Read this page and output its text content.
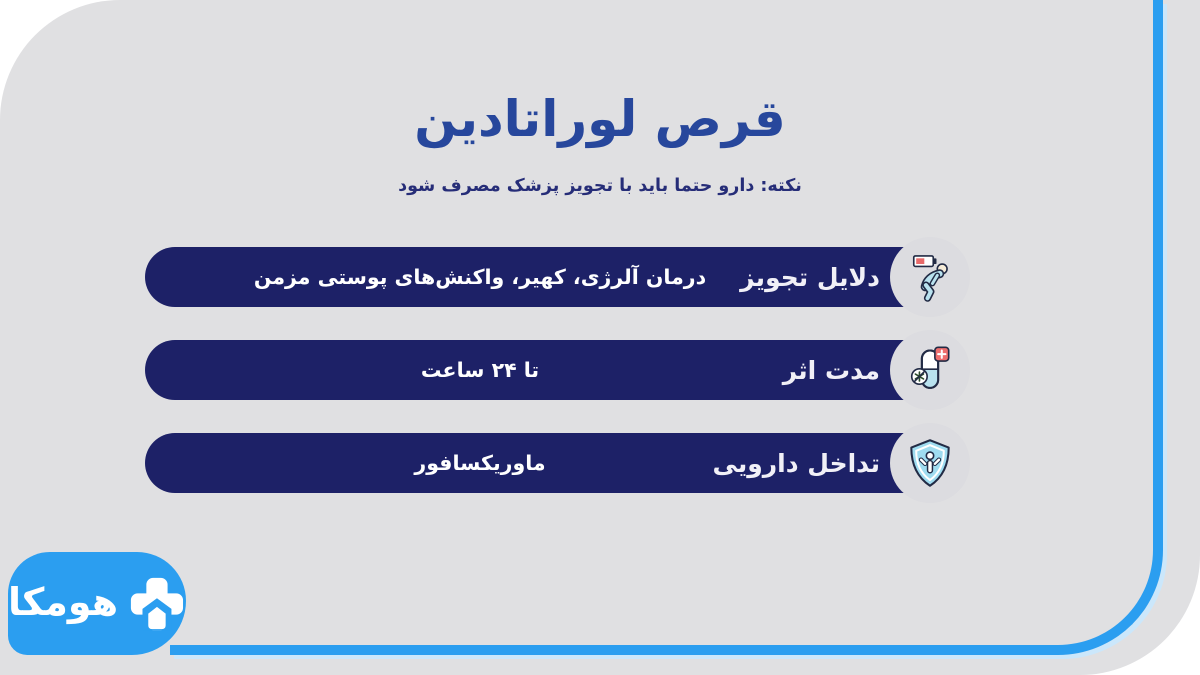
قرص لوراتادین
نکته:دارو حتما باید با تجویز پزشک مصرف شود
درمان آلرژی، کهیر، واکنش‌های پوستی مزمن	دلایل تجویز
تا ۲۴ ساعت	مدت اثر
ماوریکسافور	تداخل دارویی
هومکا
